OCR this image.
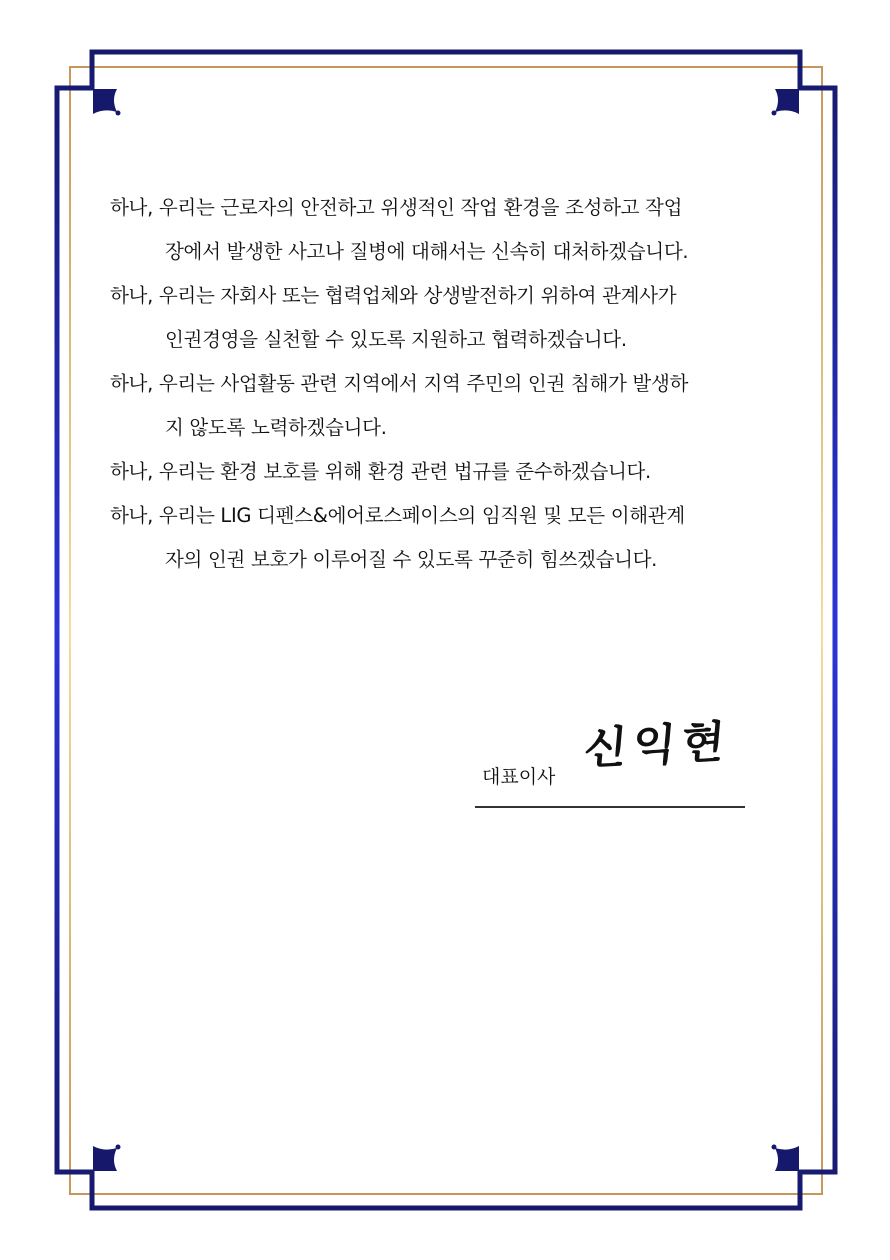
하나, 우리는 근로자의 안전하고 위생적인 작업 환경을 조성하고 작업
장에서 발생한 사고나 질병에 대해서는 신속히 대처하겠습니다.
하나, 우리는 자회사 또는 협력업체와 상생발전하기 위하여 관계사가
인권경영을 실천할 수 있도록 지원하고 협력하겠습니다.
하나, 우리는 사업활동 관련 지역에서 지역 주민의 인권 침해가 발생하
지 않도록 노력하겠습니다.
하나, 우리는 환경 보호를 위해 환경 관련 법규를 준수하겠습니다.
하나, 우리는 LIG 디펜스&에어로스페이스의 임직원 및 모든 이해관계
자의 인권 보호가 이루어질 수 있도록 꾸준히 힘쓰겠습니다.
대표이사
신익현
